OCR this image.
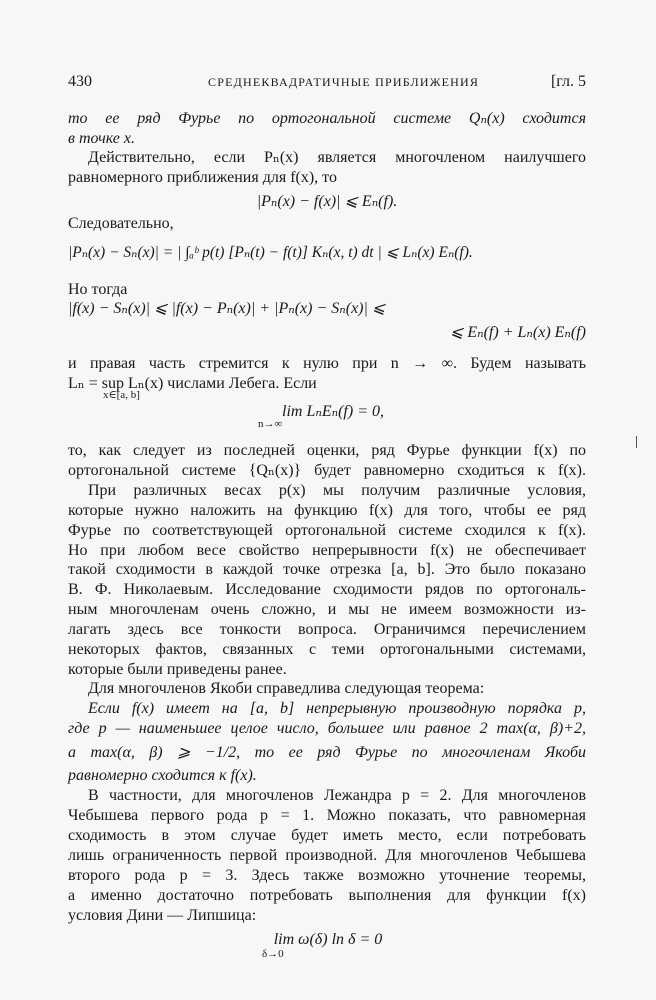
430	СРЕДНЕКВАДРАТИЧНЫЕ ПРИБЛИЖЕНИЯ	[гл. 5
то ее ряд Фурье по ортогональной системе Qₙ(x) сходится
в точке x.
Действительно, если Pₙ(x) является многочленом наилучшего
равномерного приближения для f(x), то
|Pₙ(x) − f(x)| ⩽ Eₙ(f).
Следовательно,
|Pₙ(x) − Sₙ(x)| = | ∫ₐᵇ p(t) [Pₙ(t) − f(t)] Kₙ(x, t) dt | ⩽ Lₙ(x) Eₙ(f).
Но тогда
|f(x) − Sₙ(x)| ⩽ |f(x) − Pₙ(x)| + |Pₙ(x) − Sₙ(x)| ⩽
⩽ Eₙ(f) + Lₙ(x) Eₙ(f)
и правая часть стремится к нулю при n → ∞. Будем называть
Lₙ = sup Lₙ(x) числами Лебега. Если
x∈[a, b]
lim LₙEₙ(f) = 0,
n→∞
то, как следует из последней оценки, ряд Фурье функции f(x) по
ортогональной системе {Qₙ(x)} будет равномерно сходиться к f(x).
При различных весах p(x) мы получим различные условия,
которые нужно наложить на функцию f(x) для того, чтобы ее ряд
Фурье по соответствующей ортогональной системе сходился к f(x).
Но при любом весе свойство непрерывности f(x) не обеспечивает
такой сходимости в каждой точке отрезка [a, b]. Это было показано
В. Ф. Николаевым. Исследование сходимости рядов по ортогональ-
ным многочленам очень сложно, и мы не имеем возможности из-
лагать здесь все тонкости вопроса. Ограничимся перечислением
некоторых фактов, связанных с теми ортогональными системами,
которые были приведены ранее.
Для многочленов Якоби справедлива следующая теорема:
Если f(x) имеет на [a, b] непрерывную производную порядка p,
где p — наименьшее целое число, большее или равное 2 max(α, β)+2,
a max(α, β) ⩾ −1/2, то ее ряд Фурье по многочленам Якоби
равномерно сходится к f(x).
В частности, для многочленов Лежандра p = 2. Для многочленов
Чебышева первого рода p = 1. Можно показать, что равномерная
сходимость в этом случае будет иметь место, если потребовать
лишь ограниченность первой производной. Для многочленов Чебышева
второго рода p = 3. Здесь также возможно уточнение теоремы,
а именно достаточно потребовать выполнения для функции f(x)
условия Дини — Липшица:
lim ω(δ) ln δ = 0
δ→0
